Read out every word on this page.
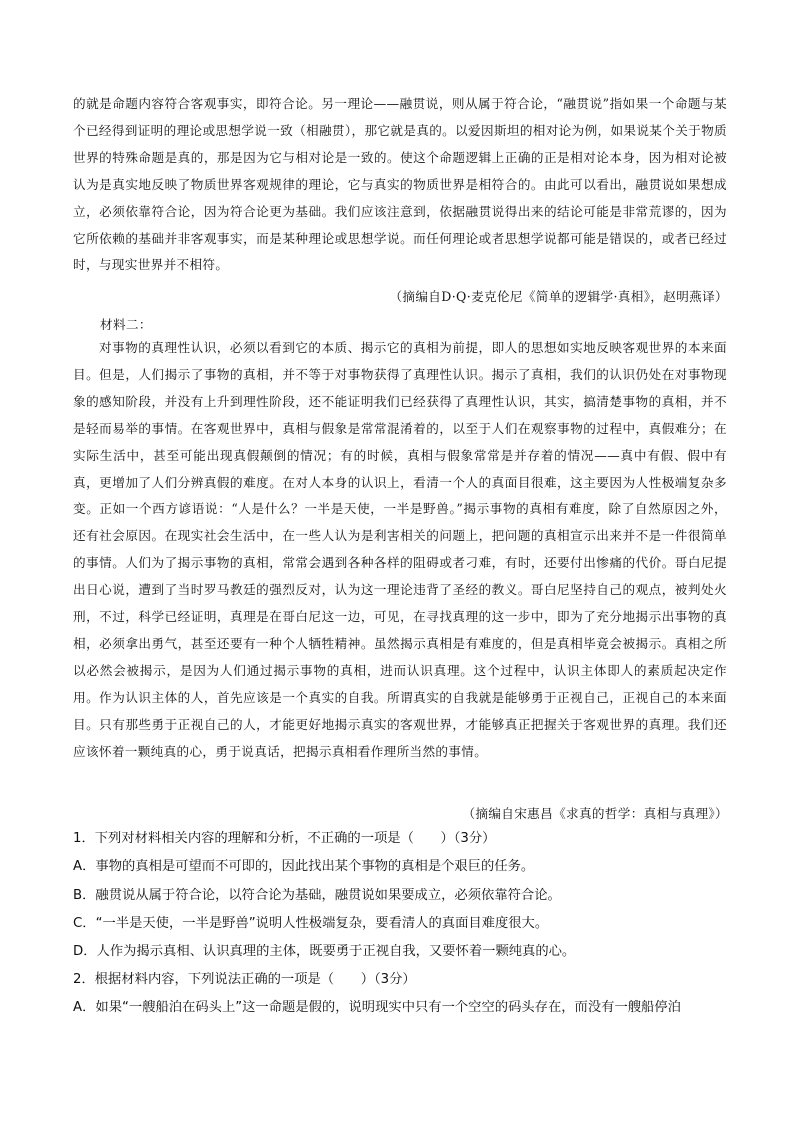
的就是命题内容符合客观事实，即符合论。另一理论——融贯说，则从属于符合论，“融贯说”指如果一个命题与某个已经得到证明的理论或思想学说一致（相融贯），那它就是真的。以爱因斯坦的相对论为例，如果说某个关于物质世界的特殊命题是真的，那是因为它与相对论是一致的。使这个命题逻辑上正确的正是相对论本身，因为相对论被认为是真实地反映了物质世界客观规律的理论，它与真实的物质世界是相符合的。由此可以看出，融贯说如果想成立，必须依靠符合论，因为符合论更为基础。我们应该注意到，依据融贯说得出来的结论可能是非常荒谬的，因为它所依赖的基础并非客观事实，而是某种理论或思想学说。而任何理论或者思想学说都可能是错误的，或者已经过时，与现实世界并不相符。
（摘编自D·Q·麦克伦尼《简单的逻辑学·真相》，赵明燕译）
材料二：
对事物的真理性认识，必须以看到它的本质、揭示它的真相为前提，即人的思想如实地反映客观世界的本来面目。但是，人们揭示了事物的真相，并不等于对事物获得了真理性认识。揭示了真相，我们的认识仍处在对事物现象的感知阶段，并没有上升到理性阶段，还不能证明我们已经获得了真理性认识，其实，搞清楚事物的真相，并不是轻而易举的事情。在客观世界中，真相与假象是常常混淆着的，以至于人们在观察事物的过程中，真假难分；在实际生活中，甚至可能出现真假颠倒的情况；有的时候，真相与假象常常是并存着的情况——真中有假、假中有真，更增加了人们分辨真假的难度。在对人本身的认识上，看清一个人的真面目很难，这主要因为人性极端复杂多变。正如一个西方谚语说：“人是什么？一半是天使，一半是野兽。”揭示事物的真相有难度，除了自然原因之外，还有社会原因。在现实社会生活中，在一些人认为是利害相关的问题上，把问题的真相宣示出来并不是一件很简单的事情。人们为了揭示事物的真相，常常会遇到各种各样的阻碍或者刁难，有时，还要付出惨痛的代价。哥白尼提出日心说，遭到了当时罗马教廷的强烈反对，认为这一理论违背了圣经的教义。哥白尼坚持自己的观点，被判处火刑，不过，科学已经证明，真理是在哥白尼这一边，可见，在寻找真理的这一步中，即为了充分地揭示出事物的真相，必须拿出勇气，甚至还要有一种个人牺牲精神。虽然揭示真相是有难度的，但是真相毕竟会被揭示。真相之所以必然会被揭示，是因为人们通过揭示事物的真相，进而认识真理。这个过程中，认识主体即人的素质起决定作用。作为认识主体的人，首先应该是一个真实的自我。所谓真实的自我就是能够勇于正视自己，正视自己的本来面目。只有那些勇于正视自己的人，才能更好地揭示真实的客观世界，才能够真正把握关于客观世界的真理。我们还应该怀着一颗纯真的心，勇于说真话，把揭示真相看作理所当然的事情。
（摘编自宋惠昌《求真的哲学：真相与真理》）
1．下列对材料相关内容的理解和分析，不正确的一项是（　　）（3分）
A．事物的真相是可望而不可即的，因此找出某个事物的真相是个艰巨的任务。
B．融贯说从属于符合论，以符合论为基础，融贯说如果要成立，必须依靠符合论。
C．“一半是天使，一半是野兽”说明人性极端复杂，要看清人的真面目难度很大。
D．人作为揭示真相、认识真理的主体，既要勇于正视自我，又要怀着一颗纯真的心。
2．根据材料内容，下列说法正确的一项是（　　）（3分）
A．如果“一艘船泊在码头上”这一命题是假的，说明现实中只有一个空空的码头存在，而没有一艘船停泊
